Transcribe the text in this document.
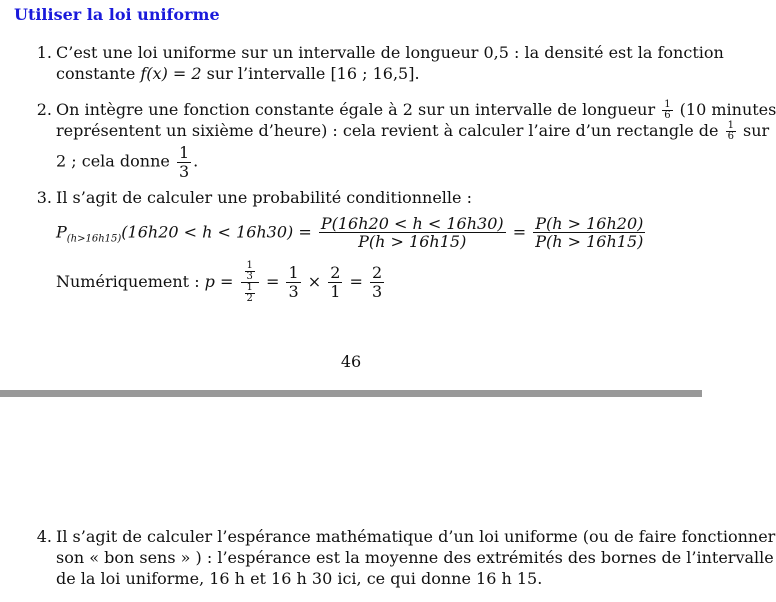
Utiliser la loi uniforme
1. C’est une loi uniforme sur un intervalle de longueur 0,5 : la densité est la fonction
constante f(x) = 2 sur l’intervalle [16 ; 16,5].
2. On intègre une fonction constante égale à 2 sur un intervalle de longueur $\frac{1}{6} (10$ minutes
représentent un sixième d’heure) : cela revient à calculer l’aire d’un rectangle de $\frac{1}{6}$ sur
2 ; cela donne $\frac{1}{3}$ .
3. Il s’agit de calculer une probabilité conditionnelle :
$P_{(h>16h15)}(16h20 < h < 16h30) = \frac{P(16h20 < h < 16h30)}{P(h > 16h15)} = \frac{P(h > 16h20)}{P(h > 16h15)}$
Numériquement : $p = \frac{\frac{1}{3}}{\frac{1}{2}} = \frac{1}{3} \times \frac{2}{1} = \frac{2}{3}$
46
4. Il s’agit de calculer l’espérance mathématique d’un loi uniforme (ou de faire fonctionner
son « bon sens » ) : l’espérance est la moyenne des extrémités des bornes de l’intervalle
de la loi uniforme, 16 h et 16 h 30 ici, ce qui donne 16 h 15.
